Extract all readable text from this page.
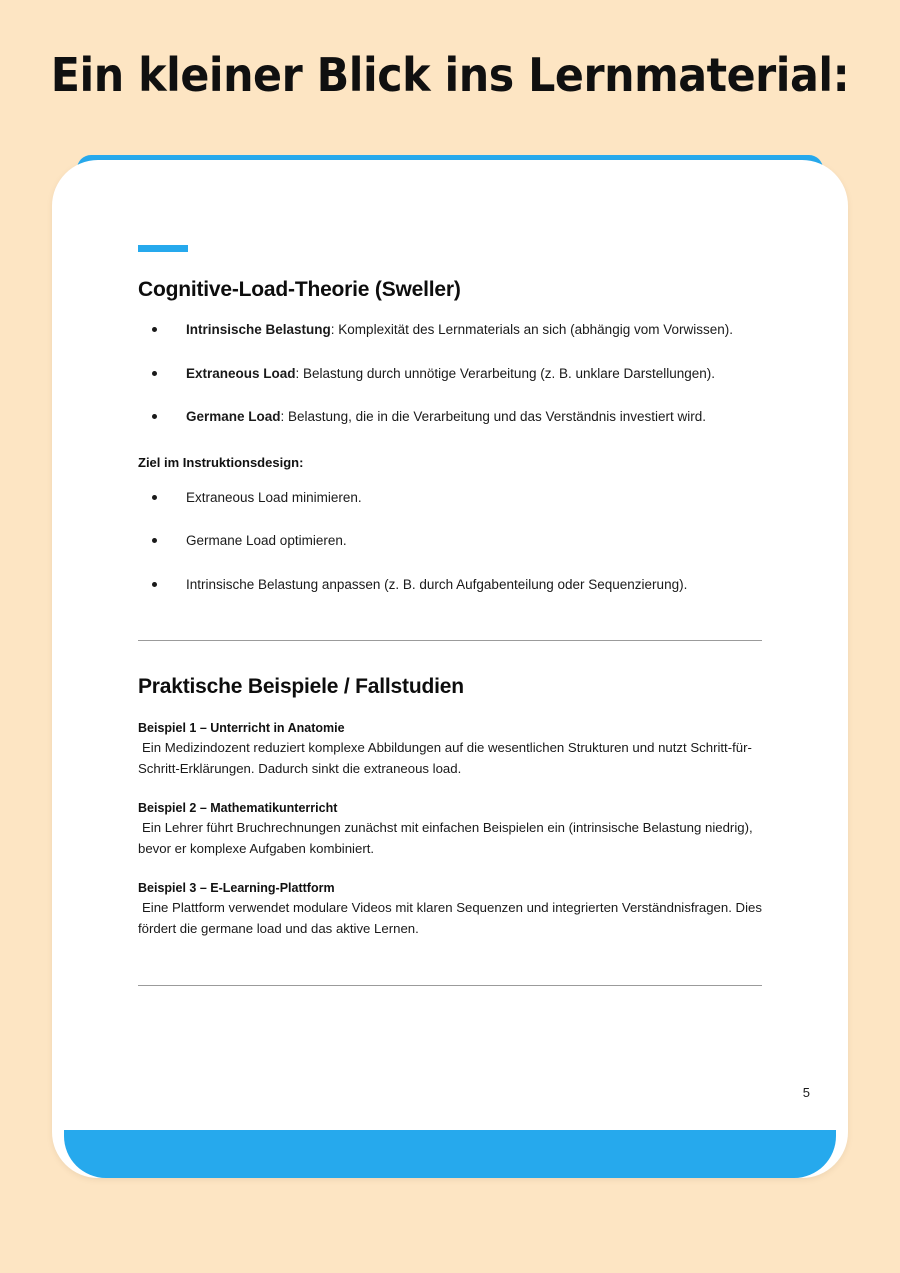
Ein kleiner Blick ins Lernmaterial:
Cognitive-Load-Theorie (Sweller)
Intrinsische Belastung: Komplexität des Lernmaterials an sich (abhängig vom Vorwissen).
Extraneous Load: Belastung durch unnötige Verarbeitung (z. B. unklare Darstellungen).
Germane Load: Belastung, die in die Verarbeitung und das Verständnis investiert wird.
Ziel im Instruktionsdesign:
Extraneous Load minimieren.
Germane Load optimieren.
Intrinsische Belastung anpassen (z. B. durch Aufgabenteilung oder Sequenzierung).
Praktische Beispiele / Fallstudien
Beispiel 1 – Unterricht in Anatomie
Ein Medizindozent reduziert komplexe Abbildungen auf die wesentlichen Strukturen und nutzt Schritt-für-Schritt-Erklärungen. Dadurch sinkt die extraneous load.
Beispiel 2 – Mathematikunterricht
Ein Lehrer führt Bruchrechnungen zunächst mit einfachen Beispielen ein (intrinsische Belastung niedrig), bevor er komplexe Aufgaben kombiniert.
Beispiel 3 – E-Learning-Plattform
Eine Plattform verwendet modulare Videos mit klaren Sequenzen und integrierten Verständnisfragen. Dies fördert die germane load und das aktive Lernen.
5
